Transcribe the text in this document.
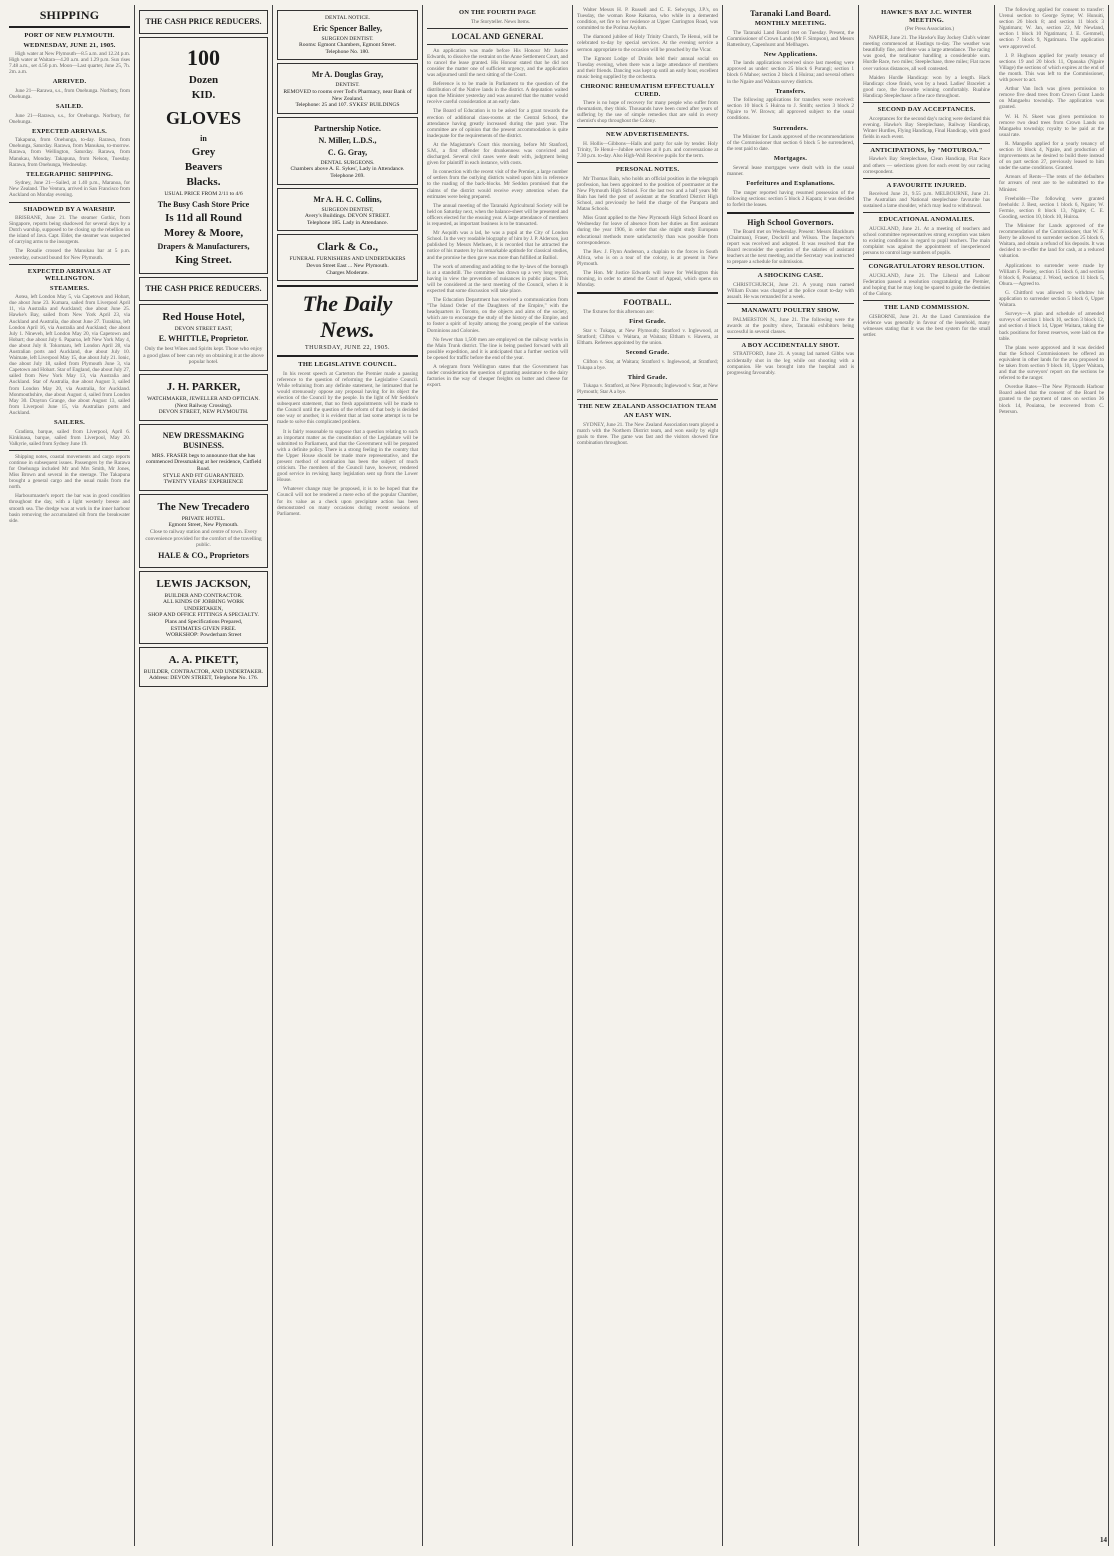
SHIPPING
PORT OF NEW PLYMOUTH.
WEDNESDAY, JUNE 21, 1905.

High water at New Plymouth—8.5 a.m. and 12.24 p.m. High water at Waitara—4.20 a.m. and 1.29 p.m. Sun rises 7.48 a.m., set 4.56 p.m. Moon—Last quarter, June 25, 7h. 2m. a.m.

ARRIVED.

June 21—Rarawa, s.s., from Onehunga. Norbury, from Onehunga.

SAILED.

June 21—Rarawa, s.s., for Onehunga. Norbury, for Onehunga.

EXPECTED ARRIVALS.

Takapuna, from Onehunga, to-day. Rarawa, from Onehunga, Saturday. Rarawa, from Manukau, to-morrow. Rarawa, from Wellington, Saturday. Rarawa, from Manukau, Monday. Takapuna, from Nelson, Tuesday. Rarawa, from Onehunga, Wednesday.

TELEGRAPHIC SHIPPING.

Sydney, June 21—Sailed, at 1.40 p.m., Maranoa, for New Zealand. The Ventura, arrived in San Francisco from Auckland on Monday evening.

SHADOWED BY A WARSHIP.

BRISBANE, June 21. The steamer Gothic, from Singapore, reports being shadowed for several days by a Dutch warship, supposed to be closing up the rebellion on the island of Java. Capt. Elder, the steamer was suspected of carrying arms to the insurgents.

The Rosalie crossed the Manukau bar at 5 p.m. yesterday, outward bound for New Plymouth.

EXPECTED ARRIVALS AT WELLINGTON.
STEAMERS.

Aotea, left London May 5, via Capetown and Hobart, due about June 23. Kumara, sailed from Liverpool April 11, via Australia and Auckland; due about June 25. Hawke's Bay, sailed from New York April 23, via Auckland and Australia, due about June 27. Turakina, left London April 16, via Australia and Auckland; due about July 1. Nineveh, left London May 20, via Capetown and Hobart; due about July 6. Paparoa, left New York May 4, due about July 8. Tokomaru, left London April 28, via Australian ports and Auckland, due about July 10. Waimate, left Liverpool May 15, due about July 21. Ionic, due about July 18, sailed from Plymouth June 3, via Capetown and Hobart. Star of England, due about July 27, sailed from New York May 13, via Australia and Auckland. Star of Australia, due about August 3, sailed from London May 20, via Australia, for Auckland. Monmouthshire, due about August 4, sailed from London May 30. Drayton Grange, due about August 13, sailed from Liverpool June 15, via Australian ports and Auckland.

SAILERS.

Gradinta, barque, sailed from Liverpool, April 6. Kinkinasa, barque, sailed from Liverpool, May 20. Valkyrie, sailed from Sydney June 19.

Shipping notes, coastal movements and cargo reports continue in subsequent issues. Passengers by the Rarawa for Onehunga included Mr and Mrs Smith, Mr Jones, Miss Brown and several in the steerage. The Takapuna brought a general cargo and the usual mails from the north.

Harbourmaster's report: the bar was in good condition throughout the day, with a light westerly breeze and smooth sea. The dredge was at work in the inner harbour basin removing the accumulated silt from the breakwater side.

THE CASH PRICE REDUCERS.
100
Dozen
KID.
GLOVES
in
Grey
Beavers
Blacks.
USUAL PRICE FROM 2/11 to 4/6
The Busy Cash Store Price
Is 11d all Round
Morey & Moore,
Drapers & Manufacturers,
King Street.
THE CASH PRICE REDUCERS.
Red House Hotel,
DEVON STREET EAST,
E. WHITTLE, Proprietor.
Only the best Wines and Spirits kept. Those who enjoy a good glass of beer can rely on obtaining it at the above popular hotel.
J. H. PARKER,
WATCHMAKER, JEWELLER AND OPTICIAN.
(Next Railway Crossing).
DEVON STREET, NEW PLYMOUTH.
NEW DRESSMAKING BUSINESS.
MRS. FRASER begs to announce that she has commenced Dressmaking at her residence, Cutfield Road.
STYLE AND FIT GUARANTEED.
TWENTY YEARS' EXPERIENCE
The New Trecadero
PRIVATE HOTEL.
Egmont Street, New Plymouth.
Close to railway station and centre of town. Every convenience provided for the comfort of the travelling public.
HALE & CO., Proprietors
LEWIS JACKSON,
BUILDER AND CONTRACTOR.
ALL KINDS OF JOBBING WORK UNDERTAKEN,
SHOP AND OFFICE FITTINGS A SPECIALTY.
Plans and Specifications Prepared,
ESTIMATES GIVEN FREE.
WORKSHOP: Powderham Street
A. A. PIKETT,
BUILDER, CONTRACTOR, AND UNDERTAKER.
Address: DEVON STREET, Telephone No. 176.
DENTAL NOTICE.
Eric Spencer Balley,
SURGEON DENTIST.
Rooms: Egmont Chambers, Egmont Street.
Telephone No. 180.
Mr A. Douglas Gray,
DENTIST.
REMOVED to rooms over Tod's Pharmacy, near Bank of New Zealand.
Telephone: 25 and 107. SYKES' BUILDINGS
Partnership Notice.
N. Miller, L.D.S.,
C. G. Gray,
DENTAL SURGEONS.
Chambers above A. E. Sykes', Lady in Attendance.
Telephone 269.
Mr A. H. C. Collins,
SURGEON DENTIST,
Avery's Buildings. DEVON STREET.
Telephone 185. Lady in Attendance.
Clark & Co.,
FUNERAL FURNISHERS AND UNDERTAKERS
Devon Street East ... New Plymouth.
Charges Moderate.
The Daily News.
THURSDAY, JUNE 22, 1905.
THE LEGISLATIVE COUNCIL.

In his recent speech at Carterton the Premier made a passing reference to the question of reforming the Legislative Council. While refraining from any definite statement, he intimated that he would strenuously oppose any proposal having for its object the election of the Council by the people. In the light of Mr Seddon's subsequent statement, that no fresh appointments will be made to the Council until the question of the reform of that body is decided one way or another, it is evident that at last some attempt is to be made to solve this complicated problem.

It is fairly reasonable to suppose that a question relating to such an important matter as the constitution of the Legislature will be submitted to Parliament, and that the Government will be prepared with a definite policy. There is a strong feeling in the country that the Upper House should be made more representative, and the present method of nomination has been the subject of much criticism. The members of the Council have, however, rendered good service in revising hasty legislation sent up from the Lower House.

Whatever change may be proposed, it is to be hoped that the Council will not be rendered a mere echo of the popular Chamber, for its value as a check upon precipitate action has been demonstrated on many occasions during recent sessions of Parliament.

ON THE FOURTH PAGE

The Storyteller. News Items.

LOCAL AND GENERAL

An application was made before His Honour Mr Justice Edwards, to dissolve the restraint on the Anne Settlement Court, and to cancel the lease granted. His Honour stated that he did not consider the matter one of sufficient urgency, and the application was adjourned until the next sitting of the Court.

Reference is to be made in Parliament to the question of the distribution of the Native lands in the district. A deputation waited upon the Minister yesterday and was assured that the matter would receive careful consideration at an early date.

The Board of Education is to be asked for a grant towards the erection of additional class-rooms at the Central School, the attendance having greatly increased during the past year. The committee are of opinion that the present accommodation is quite inadequate for the requirements of the district.

At the Magistrate's Court this morning, before Mr Stanford, S.M., a first offender for drunkenness was convicted and discharged. Several civil cases were dealt with, judgment being given for plaintiff in each instance, with costs.

In connection with the recent visit of the Premier, a large number of settlers from the outlying districts waited upon him in reference to the roading of the back-blocks. Mr Seddon promised that the claims of the district would receive every attention when the estimates were being prepared.

The annual meeting of the Taranaki Agricultural Society will be held on Saturday next, when the balance-sheet will be presented and officers elected for the ensuing year. A large attendance of members is requested, as important business is to be transacted.

Mr Asquith was a lad, he was a pupil at the City of London School. In the very readable biography of him by J. P. Alderson, just published by Messrs Methuen, it is recorded that he attracted the notice of his masters by his remarkable aptitude for classical studies, and the promise he then gave was more than fulfilled at Balliol.

The work of amending and adding to the by-laws of the borough is at a standstill. The committee has drawn up a very long report, having in view the prevention of nuisances in public places. This will be considered at the next meeting of the Council, when it is expected that some discussion will take place.

The Education Department has received a communication from "The Island Order of the Daughters of the Empire," with the headquarters in Toronto, on the objects and aims of the society, which are to encourage the study of the history of the Empire, and to foster a spirit of loyalty among the young people of the various Dominions and Colonies.

No fewer than 1,500 men are employed on the railway works in the Main Trunk district. The line is being pushed forward with all possible expedition, and it is anticipated that a further section will be opened for traffic before the end of the year.

A telegram from Wellington states that the Government has under consideration the question of granting assistance to the dairy factories in the way of cheaper freights on butter and cheese for export.

Walter Messrs H. P. Russell and C. E. Selwyngs, J.P.'s, on Tuesday, the woman Rose Rakaroa, who while in a demented condition, set fire to her residence at Upper Carrington Road, was committed to the Porirua Asylum.

The diamond jubilee of Holy Trinity Church, Te Henui, will be celebrated to-day by special services. At the evening service a sermon appropriate to the occasion will be preached by the Vicar.

The Egmont Lodge of Druids held their annual social on Tuesday evening, when there was a large attendance of members and their friends. Dancing was kept up until an early hour, excellent music being supplied by the orchestra.

CHRONIC RHEUMATISM EFFECTUALLY CURED.

There is no hope of recovery for many people who suffer from rheumatism, they think. Thousands have been cured after years of suffering by the use of simple remedies that are sold in every chemist's shop throughout the Colony.

NEW ADVERTISEMENTS.

H. Hollis—Gibbons—Halls and party for sale by tender. Holy Trinity, Te Henui—Jubilee services at 8 p.m. and conversazione at 7.30 p.m. to-day. Also High-Wall Receive pupils for the term.

PERSONAL NOTES.

Mr Thomas Bain, who holds an official position in the telegraph profession, has been appointed to the position of postmaster at the New Plymouth High School. For the last two and a half years Mr Bain has held the post of assistant at the Stratford District High School, and previously he held the charge of the Parapara and Matau Schools.

Miss Grant applied to the New Plymouth High School Board on Wednesday for leave of absence from her duties as first assistant during the year 1906, in order that she might study European educational methods more satisfactorily than was possible from correspondence.

The Rev. J. Flynn Anderson, a chaplain to the forces in South Africa, who is on a tour of the colony, is at present in New Plymouth.

The Hon. Mr Justice Edwards will leave for Wellington this morning, in order to attend the Court of Appeal, which opens on Monday.

FOOTBALL.

The fixtures for this afternoon are:

First Grade.

Star v. Tukapa, at New Plymouth; Stratford v. Inglewood, at Stratford; Clifton v. Waitara, at Waitara; Eltham v. Hawera, at Eltham. Referees appointed by the union.

Second Grade.

Clifton v. Star, at Waitara; Stratford v. Inglewood, at Stratford; Tukapa a bye.

Third Grade.

Tukapa v. Stratford, at New Plymouth; Inglewood v. Star, at New Plymouth; Star A a bye.

THE NEW ZEALAND ASSOCIATION TEAM
AN EASY WIN.

SYDNEY, June 21. The New Zealand Association team played a match with the Northern District team, and won easily by eight goals to three. The game was fast and the visitors showed fine combination throughout.

Taranaki Land Board.
MONTHLY MEETING.

The Taranaki Land Board met on Tuesday. Present, the Commissioner of Crown Lands (Mr F. Simpson), and Messrs Rattenbury, Capenhurst and Mellhagen.

New Applications.

The lands applications received since last meeting were approved as under: section 25 block 6 Purangi; section 1 block 6 Mahoe; section 2 block 4 Huiroa; and several others in the Ngaire and Waitara survey districts.

Transfers.

The following applications for transfers were received: section 10 block 5 Huiroa to J. Smith; section 3 block 2 Ngaire to W. Brown; all approved subject to the usual conditions.

Surrenders.

The Minister for Lands approved of the recommendations of the Commissioner that section 6 block 5 be surrendered, the rent paid to date.

Mortgages.

Several lease mortgages were dealt with in the usual manner.

Forfeitures and Explanations.

The ranger reported having resumed possession of the following sections: section 5 block 2 Kapara; it was decided to forfeit the leases.

High School Governors.

The Board met on Wednesday. Present: Messrs Blackburn (Chairman), Fraser, Dockrill and Wilson. The Inspector's report was received and adopted. It was resolved that the Board reconsider the question of the salaries of assistant teachers at the next meeting, and the Secretary was instructed to prepare a schedule for submission.

A SHOCKING CASE.

CHRISTCHURCH, June 21. A young man named William Evans was charged at the police court to-day with assault. He was remanded for a week.

MANAWATU POULTRY SHOW.

PALMERSTON N., June 21. The following were the awards at the poultry show, Taranaki exhibitors being successful in several classes.

A BOY ACCIDENTALLY SHOT.

STRATFORD, June 21. A young lad named Gibbs was accidentally shot in the leg while out shooting with a companion. He was brought into the hospital and is progressing favourably.

HAWKE'S BAY J.C. WINTER MEETING.

(Per Press Association.)

NAPIER, June 21. The Hawke's Bay Jockey Club's winter meeting commenced at Hastings to-day. The weather was beautifully fine, and there was a large attendance. The racing was good, the totalisator handling a considerable sum. Hurdle Race, two miles; Steeplechase, three miles; Flat races over various distances, all well contested.

Maiden Hurdle Handicap: won by a length. Hack Handicap: close finish, won by a head. Ladies' Bracelet: a good race, the favourite winning comfortably. Ruahine Handicap Steeplechase: a fine race throughout.

SECOND DAY ACCEPTANCES.

Acceptances for the second day's racing were declared this evening. Hawke's Bay Steeplechase, Railway Handicap, Winter Hurdles, Flying Handicap, Final Handicap, with good fields in each event.

ANTICIPATIONS, by "MOTUROA."

Hawke's Bay Steeplechase, Clean Handicap, Flat Race and others — selections given for each event by our racing correspondent.

A FAVOURITE INJURED.

Received June 21, 9.55 p.m. MELBOURNE, June 21. The Australian and National steeplechase favourite has sustained a lame shoulder, which may lead to withdrawal.

EDUCATIONAL ANOMALIES.

AUCKLAND, June 21. At a meeting of teachers and school committee representatives strong exception was taken to existing conditions in regard to pupil teachers. The main complaint was against the appointment of inexperienced persons to control large numbers of pupils.

CONGRATULATORY RESOLUTION.

AUCKLAND, June 21. The Liberal and Labour Federation passed a resolution congratulating the Premier, and hoping that he may long be spared to guide the destinies of the Colony.

THE LAND COMMISSION.

GISBORNE, June 21. At the Land Commission the evidence was generally in favour of the leasehold, many witnesses stating that it was the best system for the small settler.

The following applied for consent to transfer: Urenui section to George Syme; W. Hunuiti, section 26 block 8; and section 11 block 3 Ngatimaru; W. Jan, section 22, Mr Newland, section 1 block 10 Ngatimaru; J. E. Gemmell, section 7 block 9, Ngatimaru. The application were approved of.

J. P. Hughson applied for yearly tenancy of sections 19 and 20 block 11, Opaoaka (Ngaire Village) the sections of which expires at the end of the month. This was left to the Commissioner, with power to act.

Arthur Van Inch was given permission to remove five dead trees from Crown Grant Lands on Mangaehu township. The application was granted.

W. H. N. Skeet was given permission to remove two dead trees from Crown Lands on Mangaehu township; royalty to be paid at the usual rate.

R. Mangello applied for a yearly tenancy of section 16 block 4, Ngaire, and production of improvements as he desired to build there instead of on part section 27, previously leased to him under the same conditions. Granted.

Arrears of Rents—The rents of the defaulters for arrears of rent are to be submitted to the Minister.

Freeholds—The following were granted freeholds: J. Best, section 1 block 6, Ngaire; W. Fermie, section 8 block 13, Ngaire; C. E. Gooding, section 10, block 10, Huiroa.

The Minister for Lands approved of the recommendation of the Commissioner, that W. F. Berry be allowed to surrender section 25 block 6, Waitara, and obtain a refund of his deposits. It was decided to re-offer the land for cash, at a reduced valuation.

Applications to surrender were made by William F. Poeley, section 15 block 6, and section 8 block 6, Pouiatoa; J. Wood, section 11 block 5, Ohura.—Agreed to.

G. Chittford was allowed to withdraw his application to surrender section 5 block 6, Upper Waitara.

Surveys—A plan and schedule of amended surveys of section 1 block 10, section 3 block 12, and section 4 block 14, Upper Waitara, taking the back positions for forest reserves, were laid on the table.

The plans were approved and it was decided that the School Commissioners be offered an equivalent in other lands for the area proposed to be taken from section 9 block 10, Upper Waitara, and that the surveyors' report on the sections be referred to the ranger.

Overdue Rates—The New Plymouth Harbour Board asked that the consent of the Board be granted to the payment of rates on section 36 block 14, Pouiatoa, be recovered from C. Peterson.

14
